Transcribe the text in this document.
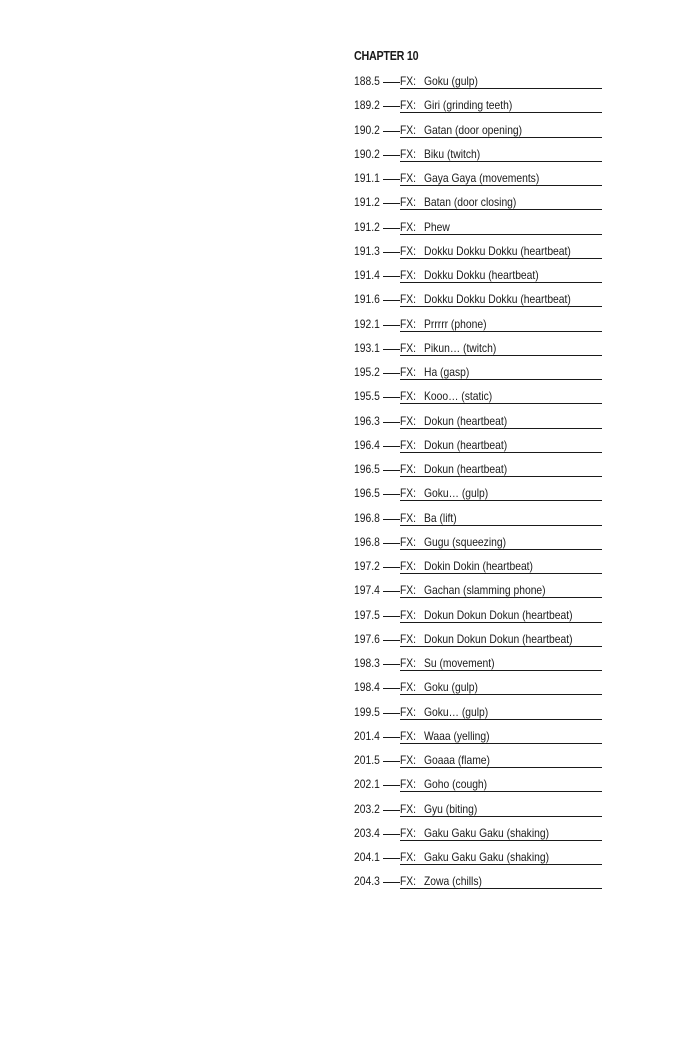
CHAPTER 10
188.5 FX: Goku (gulp)
189.2 FX: Giri (grinding teeth)
190.2 FX: Gatan (door opening)
190.2 FX: Biku (twitch)
191.1 FX: Gaya Gaya (movements)
191.2 FX: Batan (door closing)
191.2 FX: Phew
191.3 FX: Dokku Dokku Dokku (heartbeat)
191.4 FX: Dokku Dokku (heartbeat)
191.6 FX: Dokku Dokku Dokku (heartbeat)
192.1 FX: Prrrrr (phone)
193.1 FX: Pikun… (twitch)
195.2 FX: Ha (gasp)
195.5 FX: Kooo… (static)
196.3 FX: Dokun (heartbeat)
196.4 FX: Dokun (heartbeat)
196.5 FX: Dokun (heartbeat)
196.5 FX: Goku… (gulp)
196.8 FX: Ba (lift)
196.8 FX: Gugu (squeezing)
197.2 FX: Dokin Dokin (heartbeat)
197.4 FX: Gachan (slamming phone)
197.5 FX: Dokun Dokun Dokun (heartbeat)
197.6 FX: Dokun Dokun Dokun (heartbeat)
198.3 FX: Su (movement)
198.4 FX: Goku (gulp)
199.5 FX: Goku… (gulp)
201.4 FX: Waaa (yelling)
201.5 FX: Goaaa (flame)
202.1 FX: Goho (cough)
203.2 FX: Gyu (biting)
203.4 FX: Gaku Gaku Gaku (shaking)
204.1 FX: Gaku Gaku Gaku (shaking)
204.3 FX: Zowa (chills)
